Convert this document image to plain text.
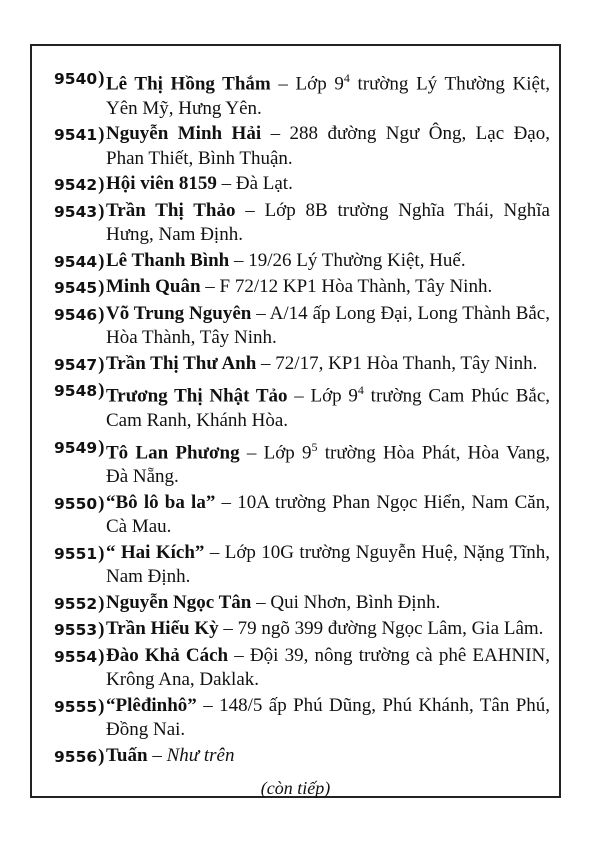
9540) Lê Thị Hồng Thắm – Lớp $9^4$ trường Lý Thường Kiệt, Yên Mỹ, Hưng Yên.
9541) Nguyễn Minh Hải – 288 đường Ngư Ông, Lạc Đạo, Phan Thiết, Bình Thuận.
9542) Hội viên 8159 – Đà Lạt.
9543) Trần Thị Thảo – Lớp 8B trường Nghĩa Thái, Nghĩa Hưng, Nam Định.
9544) Lê Thanh Bình – 19/26 Lý Thường Kiệt, Huế.
9545) Minh Quân – F 72/12 KP1 Hòa Thành, Tây Ninh.
9546) Võ Trung Nguyên – A/14 ấp Long Đại, Long Thành Bắc, Hòa Thành, Tây Ninh.
9547) Trần Thị Thư Anh – 72/17, KP1 Hòa Thanh, Tây Ninh.
9548) Trương Thị Nhật Tảo – Lớp $9^4$ trường Cam Phúc Bắc, Cam Ranh, Khánh Hòa.
9549) Tô Lan Phương – Lớp $9^5$ trường Hòa Phát, Hòa Vang, Đà Nẵng.
9550) “Bô lô ba la” – 10A trường Phan Ngọc Hiển, Nam Căn, Cà Mau.
9551) “ Hai Kích” – Lớp 10G trường Nguyễn Huệ, Nặng Tĩnh, Nam Định.
9552) Nguyễn Ngọc Tân – Qui Nhơn, Bình Định.
9553) Trần Hiểu Kỳ – 79 ngõ 399 đường Ngọc Lâm, Gia Lâm.
9554) Đào Khả Cách – Đội 39, nông trường cà phê EAHNIN, Krông Ana, Daklak.
9555) “Plêđinhô” – 148/5 ấp Phú Dũng, Phú Khánh, Tân Phú, Đồng Nai.
9556) Tuấn – Như trên
(còn tiếp)
